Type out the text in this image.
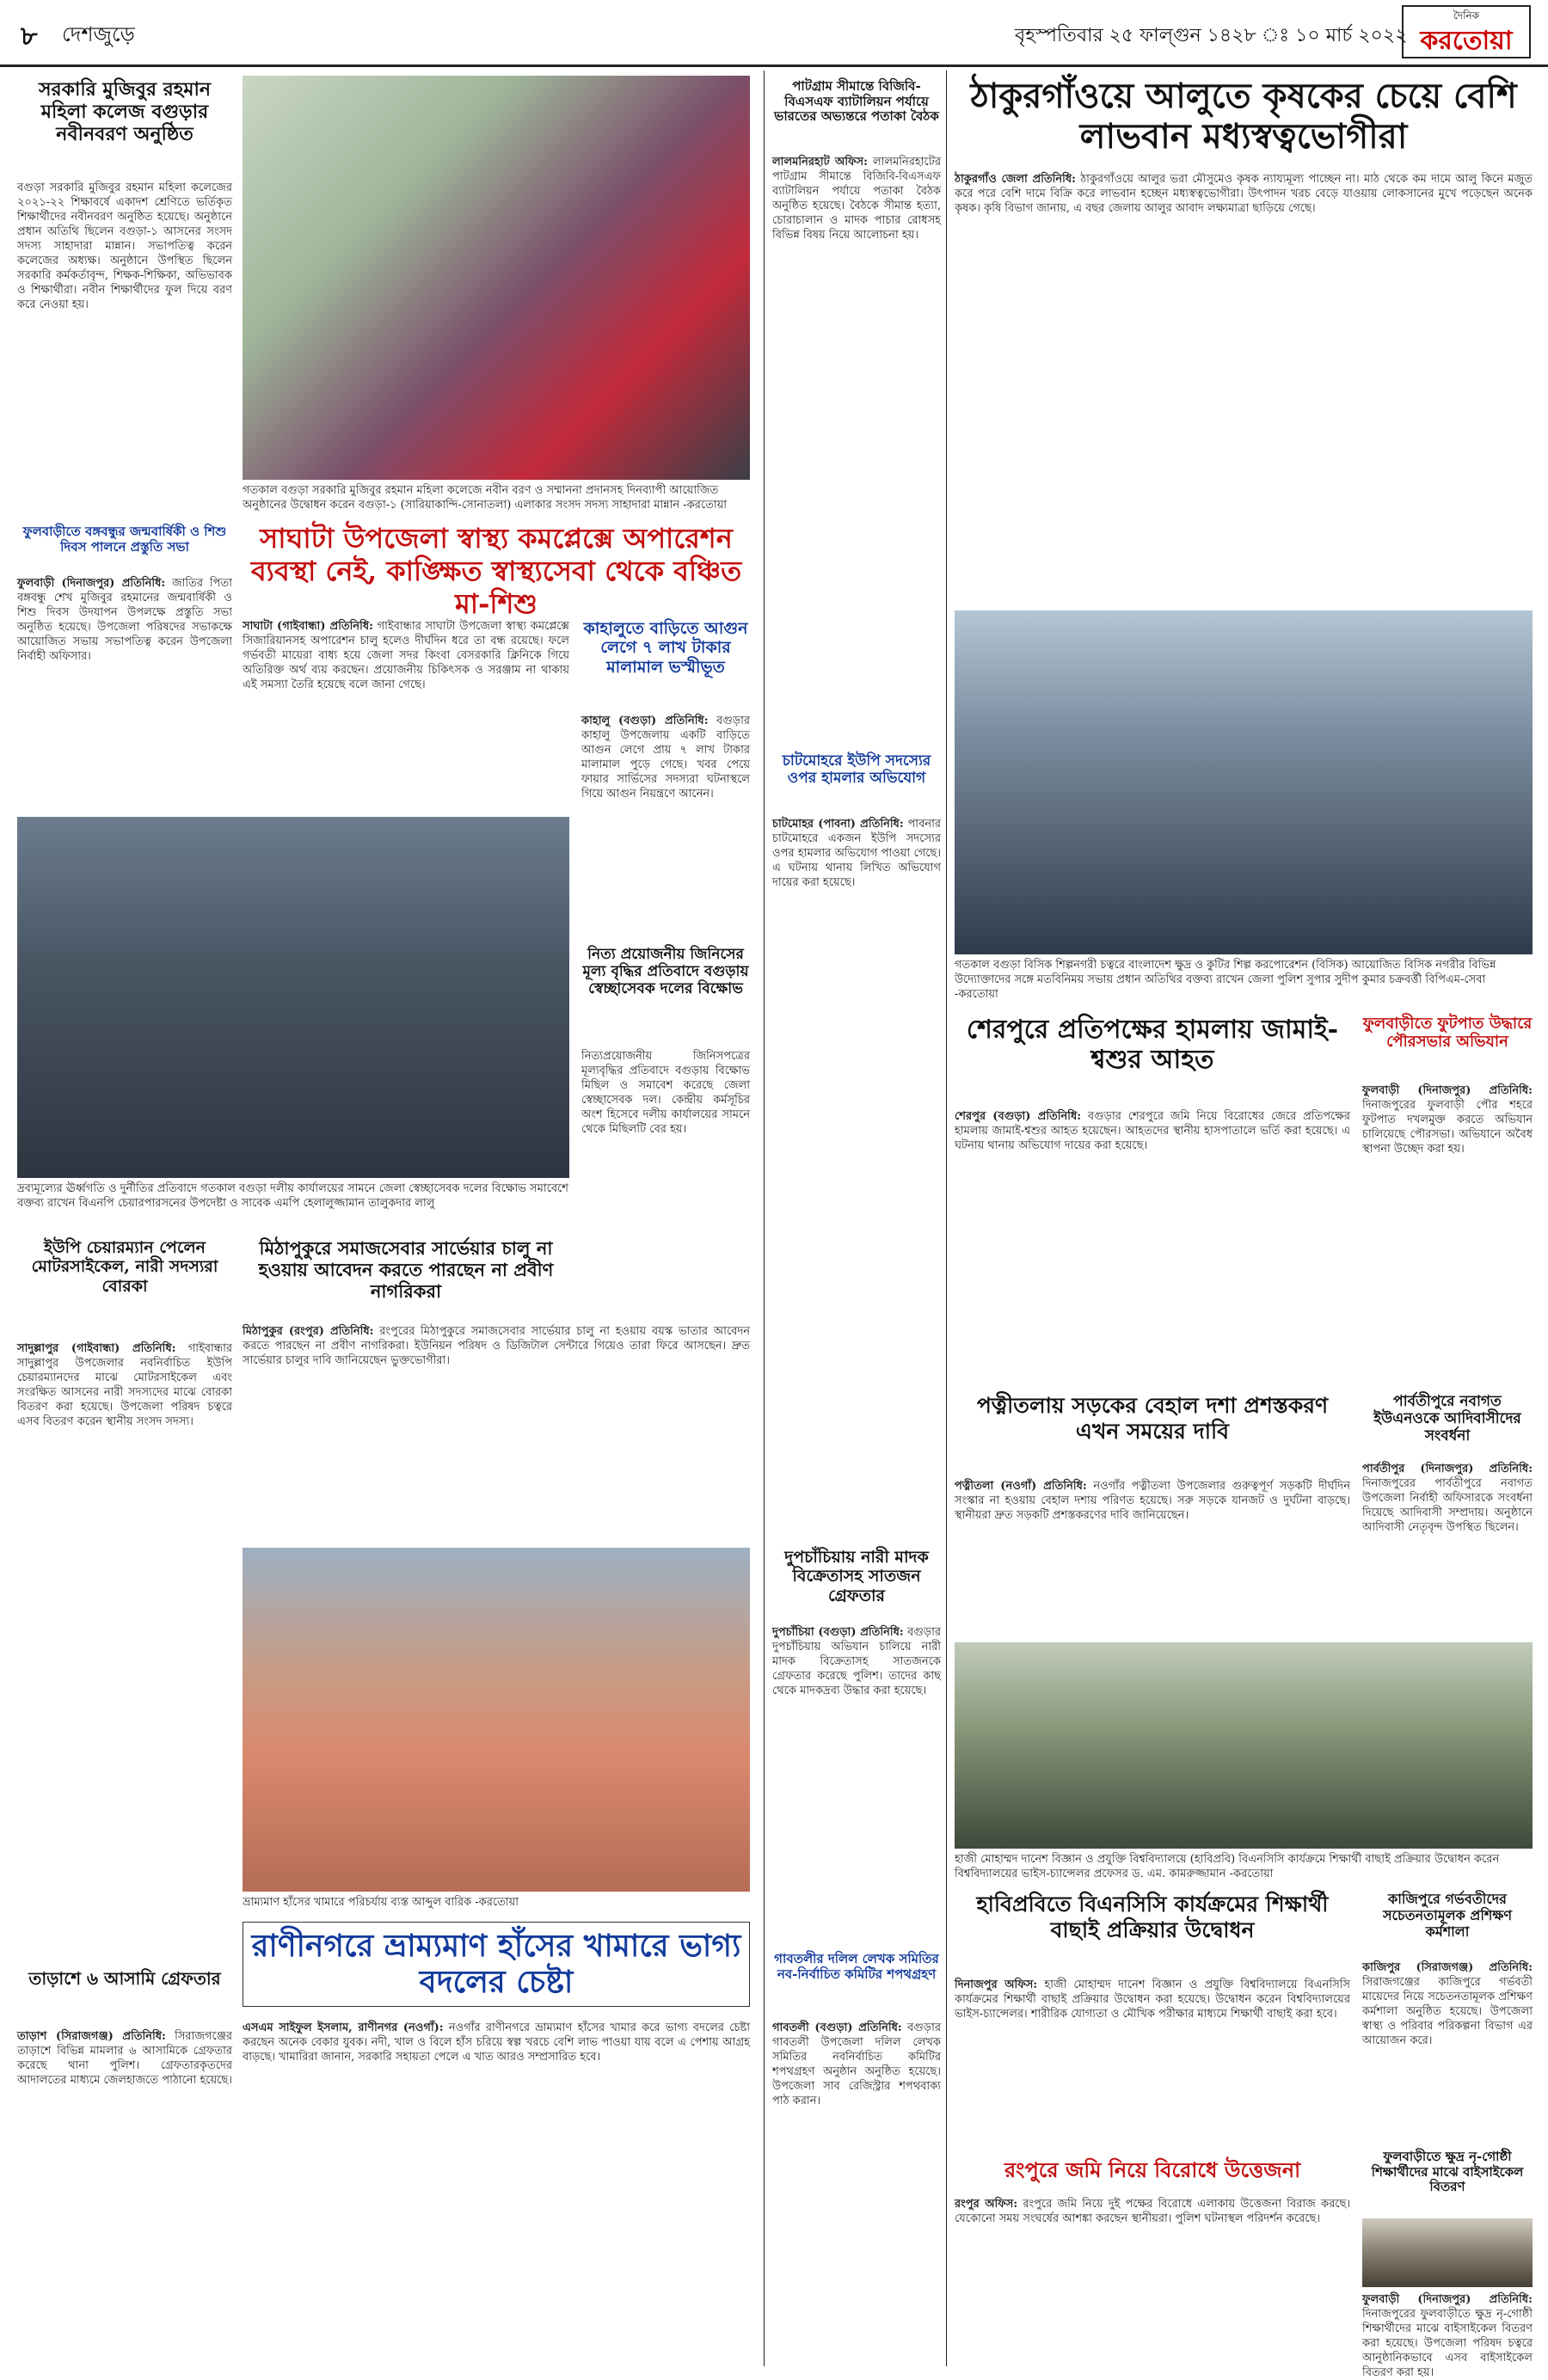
৮ দেশজুড়ে	বৃহস্পতিবার ২৫ ফাল্গুন ১৪২৮ ঃ ১০ মার্চ ২০২২
দৈনিক
করতোয়া
সরকারি মুজিবুর রহমান মহিলা কলেজ বগুড়ার নবীনবরণ অনুষ্ঠিত
বগুড়া সরকারি মুজিবুর রহমান মহিলা কলেজের ২০২১-২২ শিক্ষাবর্ষে একাদশ শ্রেণিতে ভর্তিকৃত শিক্ষার্থীদের নবীনবরণ অনুষ্ঠিত হয়েছে। অনুষ্ঠানে প্রধান অতিথি ছিলেন বগুড়া-১ আসনের সংসদ সদস্য সাহাদারা মান্নান। সভাপতিত্ব করেন কলেজের অধ্যক্ষ। অনুষ্ঠানে উপস্থিত ছিলেন সরকারি কর্মকর্তাবৃন্দ, শিক্ষক-শিক্ষিকা, অভিভাবক ও শিক্ষার্থীরা। নবীন শিক্ষার্থীদের ফুল দিয়ে বরণ করে নেওয়া হয়।
ফুলবাড়ীতে বঙ্গবন্ধুর জন্মবার্ষিকী ও শিশু দিবস পালনে প্রস্তুতি সভা
ফুলবাড়ী (দিনাজপুর) প্রতিনিধি: জাতির পিতা বঙ্গবন্ধু শেখ মুজিবুর রহমানের জন্মবার্ষিকী ও শিশু দিবস উদযাপন উপলক্ষে প্রস্তুতি সভা অনুষ্ঠিত হয়েছে। উপজেলা পরিষদের সভাকক্ষে আয়োজিত সভায় সভাপতিত্ব করেন উপজেলা নির্বাহী অফিসার।
গতকাল বগুড়া সরকারি মুজিবুর রহমান মহিলা কলেজে নবীন বরণ ও সম্মাননা প্রদানসহ দিনব্যাপী আয়োজিত অনুষ্ঠানের উদ্বোধন করেন বগুড়া-১ (সারিয়াকান্দি-সোনাতলা) এলাকার সংসদ সদস্য সাহাদারা মান্নান -করতোয়া
সাঘাটা উপজেলা স্বাস্থ্য কমপ্লেক্সে অপারেশন ব্যবস্থা নেই, কাঙ্ক্ষিত স্বাস্থ্যসেবা থেকে বঞ্চিত মা-শিশু
সাঘাটা (গাইবান্ধা) প্রতিনিধি: গাইবান্ধার সাঘাটা উপজেলা স্বাস্থ্য কমপ্লেক্সে সিজারিয়ানসহ অপারেশন চালু হলেও দীর্ঘদিন ধরে তা বন্ধ রয়েছে। ফলে গর্ভবতী মায়েরা বাধ্য হয়ে জেলা সদর কিংবা বেসরকারি ক্লিনিকে গিয়ে অতিরিক্ত অর্থ ব্যয় করছেন। প্রয়োজনীয় চিকিৎসক ও সরঞ্জাম না থাকায় এই সমস্যা তৈরি হয়েছে বলে জানা গেছে।
কাহালুতে বাড়িতে আগুন লেগে ৭ লাখ টাকার মালামাল ভস্মীভূত
কাহালু (বগুড়া) প্রতিনিধি: বগুড়ার কাহালু উপজেলায় একটি বাড়িতে আগুন লেগে প্রায় ৭ লাখ টাকার মালামাল পুড়ে গেছে। খবর পেয়ে ফায়ার সার্ভিসের সদস্যরা ঘটনাস্থলে গিয়ে আগুন নিয়ন্ত্রণে আনেন।
দ্রব্যমূল্যের ঊর্ধ্বগতি ও দুর্নীতির প্রতিবাদে গতকাল বগুড়া দলীয় কার্যালয়ের সামনে জেলা স্বেচ্ছাসেবক দলের বিক্ষোভ সমাবেশে বক্তব্য রাখেন বিএনপি চেয়ারপারসনের উপদেষ্টা ও সাবেক এমপি হেলালুজ্জামান তালুকদার লালু
নিত্য প্রয়োজনীয় জিনিসের মূল্য বৃদ্ধির প্রতিবাদে বগুড়ায় স্বেচ্ছাসেবক দলের বিক্ষোভ
নিত্যপ্রয়োজনীয় জিনিসপত্রের মূল্যবৃদ্ধির প্রতিবাদে বগুড়ায় বিক্ষোভ মিছিল ও সমাবেশ করেছে জেলা স্বেচ্ছাসেবক দল। কেন্দ্রীয় কর্মসূচির অংশ হিসেবে দলীয় কার্যালয়ের সামনে থেকে মিছিলটি বের হয়।
ইউপি চেয়ারম্যান পেলেন মোটরসাইকেল, নারী সদস্যরা বোরকা
সাদুল্লাপুর (গাইবান্ধা) প্রতিনিধি: গাইবান্ধার সাদুল্লাপুর উপজেলার নবনির্বাচিত ইউপি চেয়ারম্যানদের মাঝে মোটরসাইকেল এবং সংরক্ষিত আসনের নারী সদস্যদের মাঝে বোরকা বিতরণ করা হয়েছে। উপজেলা পরিষদ চত্বরে এসব বিতরণ করেন স্থানীয় সংসদ সদস্য।
মিঠাপুকুরে সমাজসেবার সার্ভেয়ার চালু না হওয়ায় আবেদন করতে পারছেন না প্রবীণ নাগরিকরা
মিঠাপুকুর (রংপুর) প্রতিনিধি: রংপুরের মিঠাপুকুরে সমাজসেবার সার্ভেয়ার চালু না হওয়ায় বয়স্ক ভাতার আবেদন করতে পারছেন না প্রবীণ নাগরিকরা। ইউনিয়ন পরিষদ ও ডিজিটাল সেন্টারে গিয়েও তারা ফিরে আসছেন। দ্রুত সার্ভেয়ার চালুর দাবি জানিয়েছেন ভুক্তভোগীরা।
ভ্রাম্যমাণ হাঁসের খামারে পরিচর্যায় ব্যস্ত আব্দুল বারিক -করতোয়া
তাড়াশে ৬ আসামি গ্রেফতার
তাড়াশ (সিরাজগঞ্জ) প্রতিনিধি: সিরাজগঞ্জের তাড়াশে বিভিন্ন মামলার ৬ আসামিকে গ্রেফতার করেছে থানা পুলিশ। গ্রেফতারকৃতদের আদালতের মাধ্যমে জেলহাজতে পাঠানো হয়েছে।
রাণীনগরে ভ্রাম্যমাণ হাঁসের খামারে ভাগ্য বদলের চেষ্টা
এসএম সাইফুল ইসলাম, রাণীনগর (নওগাঁ): নওগাঁর রাণীনগরে ভ্রাম্যমাণ হাঁসের খামার করে ভাগ্য বদলের চেষ্টা করছেন অনেক বেকার যুবক। নদী, খাল ও বিলে হাঁস চরিয়ে স্বল্প খরচে বেশি লাভ পাওয়া যায় বলে এ পেশায় আগ্রহ বাড়ছে। খামারিরা জানান, সরকারি সহায়তা পেলে এ খাত আরও সম্প্রসারিত হবে।
পাটগ্রাম সীমান্তে বিজিবি-বিএসএফ ব্যাটালিয়ন পর্যায়ে ভারতের অভ্যন্তরে পতাকা বৈঠক
লালমনিরহাট অফিস: লালমনিরহাটের পাটগ্রাম সীমান্তে বিজিবি-বিএসএফ ব্যাটালিয়ন পর্যায়ে পতাকা বৈঠক অনুষ্ঠিত হয়েছে। বৈঠকে সীমান্ত হত্যা, চোরাচালান ও মাদক পাচার রোধসহ বিভিন্ন বিষয় নিয়ে আলোচনা হয়।
চাটমোহরে ইউপি সদস্যের ওপর হামলার অভিযোগ
চাটমোহর (পাবনা) প্রতিনিধি: পাবনার চাটমোহরে একজন ইউপি সদস্যের ওপর হামলার অভিযোগ পাওয়া গেছে। এ ঘটনায় থানায় লিখিত অভিযোগ দায়ের করা হয়েছে।
দুপচাঁচিয়ায় নারী মাদক বিক্রেতাসহ সাতজন গ্রেফতার
দুপচাঁচিয়া (বগুড়া) প্রতিনিধি: বগুড়ার দুপচাঁচিয়ায় অভিযান চালিয়ে নারী মাদক বিক্রেতাসহ সাতজনকে গ্রেফতার করেছে পুলিশ। তাদের কাছ থেকে মাদকদ্রব্য উদ্ধার করা হয়েছে।
গাবতলীর দলিল লেখক সমিতির নব-নির্বাচিত কমিটির শপথগ্রহণ
গাবতলী (বগুড়া) প্রতিনিধি: বগুড়ার গাবতলী উপজেলা দলিল লেখক সমিতির নবনির্বাচিত কমিটির শপথগ্রহণ অনুষ্ঠান অনুষ্ঠিত হয়েছে। উপজেলা সাব রেজিস্ট্রার শপথবাক্য পাঠ করান।
ঠাকুরগাঁওয়ে আলুতে কৃষকের চেয়ে বেশি লাভবান মধ্যস্বত্বভোগীরা
ঠাকুরগাঁও জেলা প্রতিনিধি: ঠাকুরগাঁওয়ে আলুর ভরা মৌসুমেও কৃষক ন্যায্যমূল্য পাচ্ছেন না। মাঠ থেকে কম দামে আলু কিনে মজুত করে পরে বেশি দামে বিক্রি করে লাভবান হচ্ছেন মধ্যস্বত্বভোগীরা। উৎপাদন খরচ বেড়ে যাওয়ায় লোকসানের মুখে পড়েছেন অনেক কৃষক। কৃষি বিভাগ জানায়, এ বছর জেলায় আলুর আবাদ লক্ষ্যমাত্রা ছাড়িয়ে গেছে।
গতকাল বগুড়া বিসিক শিল্পনগরী চত্বরে বাংলাদেশ ক্ষুদ্র ও কুটির শিল্প করপোরেশন (বিসিক) আয়োজিত বিসিক নগরীর বিভিন্ন উদ্যোক্তাদের সঙ্গে মতবিনিময় সভায় প্রধান অতিথির বক্তব্য রাখেন জেলা পুলিশ সুপার সুদীপ কুমার চক্রবর্ত্তী বিপিএম-সেবা -করতোয়া
শেরপুরে প্রতিপক্ষের হামলায় জামাই-শ্বশুর আহত
শেরপুর (বগুড়া) প্রতিনিধি: বগুড়ার শেরপুরে জমি নিয়ে বিরোধের জেরে প্রতিপক্ষের হামলায় জামাই-শ্বশুর আহত হয়েছেন। আহতদের স্থানীয় হাসপাতালে ভর্তি করা হয়েছে। এ ঘটনায় থানায় অভিযোগ দায়ের করা হয়েছে।
ফুলবাড়ীতে ফুটপাত উদ্ধারে পৌরসভার অভিযান
ফুলবাড়ী (দিনাজপুর) প্রতিনিধি: দিনাজপুরের ফুলবাড়ী পৌর শহরে ফুটপাত দখলমুক্ত করতে অভিযান চালিয়েছে পৌরসভা। অভিযানে অবৈধ স্থাপনা উচ্ছেদ করা হয়।
পত্নীতলায় সড়কের বেহাল দশা প্রশস্তকরণ এখন সময়ের দাবি
পত্নীতলা (নওগাঁ) প্রতিনিধি: নওগাঁর পত্নীতলা উপজেলার গুরুত্বপূর্ণ সড়কটি দীর্ঘদিন সংস্কার না হওয়ায় বেহাল দশায় পরিণত হয়েছে। সরু সড়কে যানজট ও দুর্ঘটনা বাড়ছে। স্থানীয়রা দ্রুত সড়কটি প্রশস্তকরণের দাবি জানিয়েছেন।
পার্বতীপুরে নবাগত ইউএনওকে আদিবাসীদের সংবর্ধনা
পার্বতীপুর (দিনাজপুর) প্রতিনিধি: দিনাজপুরের পার্বতীপুরে নবাগত উপজেলা নির্বাহী অফিসারকে সংবর্ধনা দিয়েছে আদিবাসী সম্প্রদায়। অনুষ্ঠানে আদিবাসী নেতৃবৃন্দ উপস্থিত ছিলেন।
হাজী মোহাম্মদ দানেশ বিজ্ঞান ও প্রযুক্তি বিশ্ববিদ্যালয়ে (হাবিপ্রবি) বিএনসিসি কার্যক্রমে শিক্ষার্থী বাছাই প্রক্রিয়ার উদ্বোধন করেন বিশ্ববিদ্যালয়ের ভাইস-চ্যান্সেলর প্রফেসর ড. এম. কামরুজ্জামান -করতোয়া
হাবিপ্রবিতে বিএনসিসি কার্যক্রমের শিক্ষার্থী বাছাই প্রক্রিয়ার উদ্বোধন
দিনাজপুর অফিস: হাজী মোহাম্মদ দানেশ বিজ্ঞান ও প্রযুক্তি বিশ্ববিদ্যালয়ে বিএনসিসি কার্যক্রমের শিক্ষার্থী বাছাই প্রক্রিয়ার উদ্বোধন করা হয়েছে। উদ্বোধন করেন বিশ্ববিদ্যালয়ের ভাইস-চ্যান্সেলর। শারীরিক যোগ্যতা ও মৌখিক পরীক্ষার মাধ্যমে শিক্ষার্থী বাছাই করা হবে।
কাজিপুরে গর্ভবতীদের সচেতনতামূলক প্রশিক্ষণ কর্মশালা
কাজিপুর (সিরাজগঞ্জ) প্রতিনিধি: সিরাজগঞ্জের কাজিপুরে গর্ভবতী মায়েদের নিয়ে সচেতনতামূলক প্রশিক্ষণ কর্মশালা অনুষ্ঠিত হয়েছে। উপজেলা স্বাস্থ্য ও পরিবার পরিকল্পনা বিভাগ এর আয়োজন করে।
রংপুরে জমি নিয়ে বিরোধে উত্তেজনা
রংপুর অফিস: রংপুরে জমি নিয়ে দুই পক্ষের বিরোধে এলাকায় উত্তেজনা বিরাজ করছে। যেকোনো সময় সংঘর্ষের আশঙ্কা করছেন স্থানীয়রা। পুলিশ ঘটনাস্থল পরিদর্শন করেছে।
ফুলবাড়ীতে ক্ষুদ্র নৃ-গোষ্ঠী শিক্ষার্থীদের মাঝে বাইসাইকেল বিতরণ
ফুলবাড়ী (দিনাজপুর) প্রতিনিধি: দিনাজপুরের ফুলবাড়ীতে ক্ষুদ্র নৃ-গোষ্ঠী শিক্ষার্থীদের মাঝে বাইসাইকেল বিতরণ করা হয়েছে। উপজেলা পরিষদ চত্বরে আনুষ্ঠানিকভাবে এসব বাইসাইকেল বিতরণ করা হয়।
